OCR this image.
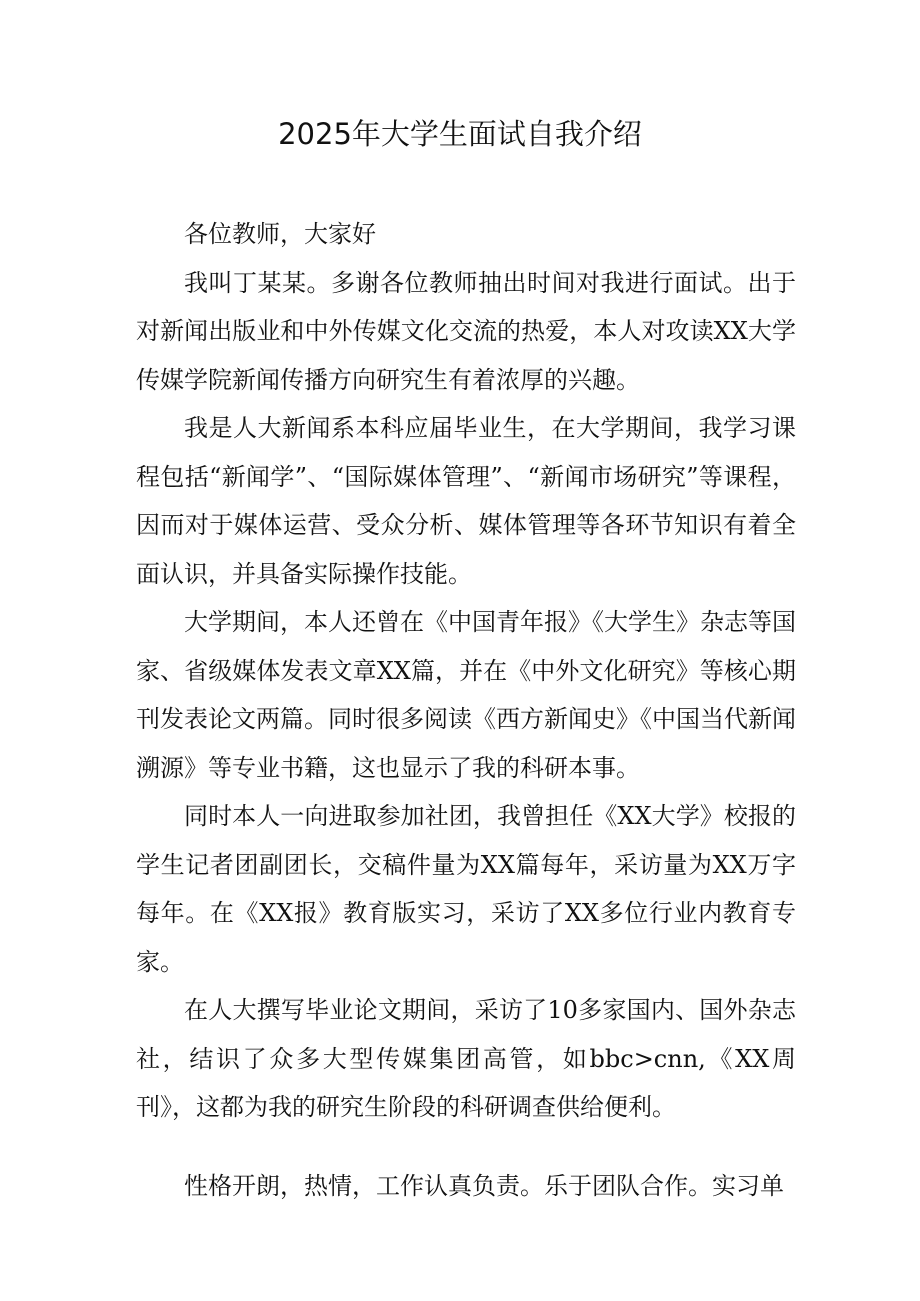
2025年大学生面试自我介绍

各位教师，大家好

我叫丁某某。多谢各位教师抽出时间对我进行面试。出于对新闻出版业和中外传媒文化交流的热爱，本人对攻读XX大学传媒学院新闻传播方向研究生有着浓厚的兴趣。

我是人大新闻系本科应届毕业生，在大学期间，我学习课程包括“新闻学”、“国际媒体管理”、“新闻市场研究”等课程，因而对于媒体运营、受众分析、媒体管理等各环节知识有着全面认识，并具备实际操作技能。

大学期间，本人还曾在《中国青年报》《大学生》杂志等国家、省级媒体发表文章XX篇，并在《中外文化研究》等核心期刊发表论文两篇。同时很多阅读《西方新闻史》《中国当代新闻溯源》等专业书籍，这也显示了我的科研本事。

同时本人一向进取参加社团，我曾担任《XX大学》校报的学生记者团副团长，交稿件量为XX篇每年，采访量为XX万字每年。在《XX报》教育版实习，采访了XX多位行业内教育专家。

在人大撰写毕业论文期间，采访了10多家国内、国外杂志社，结识了众多大型传媒集团高管，如bbc>cnn,《XX周刊》，这都为我的研究生阶段的科研调查供给便利。

性格开朗，热情，工作认真负责。乐于团队合作。实习单
